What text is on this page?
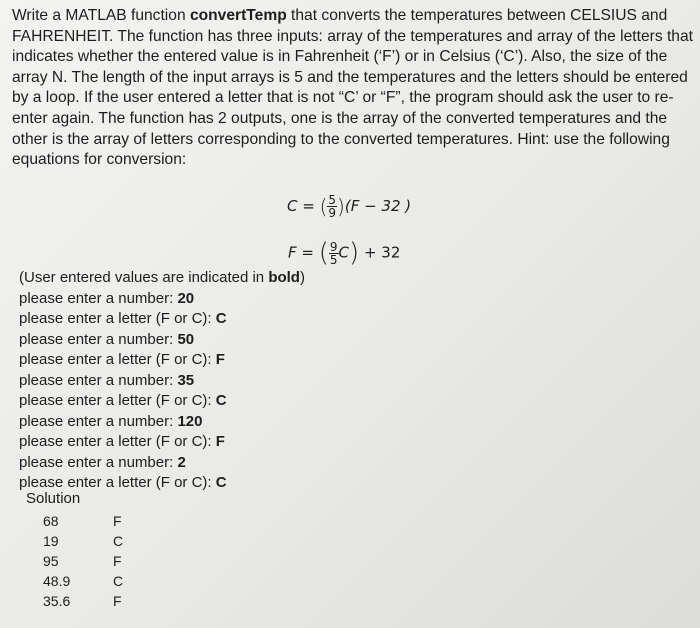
Write a MATLAB function convertTemp that converts the temperatures between CELSIUS and FAHRENHEIT. The function has three inputs: array of the temperatures and array of the letters that indicates whether the entered value is in Fahrenheit (‘F’) or in Celsius (‘C’). Also, the size of the array N. The length of the input arrays is 5 and the temperatures and the letters should be entered by a loop. If the user entered a letter that is not “C’ or “F”, the program should ask the user to re-enter again. The function has 2 outputs, one is the array of the converted temperatures and the other is the array of letters corresponding to the converted temperatures. Hint: use the following equations for conversion:

C = ( $\frac{5}{9} )(F - 32$ )
F = ( $\frac{9}{5} C) + 32$
(User entered values are indicated in bold)
please enter a number: 20
please enter a letter (F or C): C
please enter a number: 50
please enter a letter (F or C): F
please enter a number: 35
please enter a letter (F or C): C
please enter a number: 120
please enter a letter (F or C): F
please enter a number: 2
please enter a letter (F or C): C
Solution
68	F
19	C
95	F
48.9	C
35.6	F
